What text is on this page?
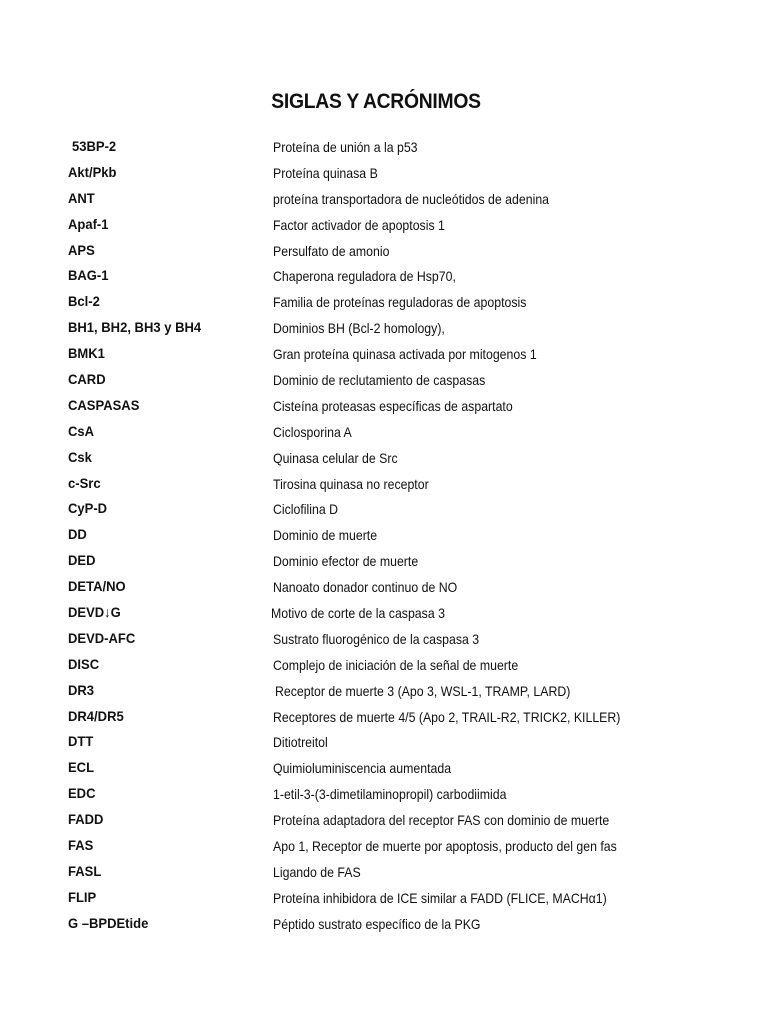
SIGLAS Y ACRÓNIMOS
53BP-2	Proteína de unión a la p53
Akt/Pkb	Proteína quinasa B
ANT	proteína transportadora de nucleótidos de adenina
Apaf-1	Factor activador de apoptosis 1
APS	Persulfato de amonio
BAG-1	Chaperona reguladora de Hsp70,
Bcl-2	Familia de proteínas reguladoras de apoptosis
BH1, BH2, BH3 y BH4	Dominios BH (Bcl-2 homology),
BMK1	Gran proteína quinasa activada por mitogenos 1
CARD	Dominio de reclutamiento de caspasas
CASPASAS	Cisteína proteasas específicas de aspartato
CsA	Ciclosporina A
Csk	Quinasa celular de Src
c-Src	Tirosina quinasa no receptor
CyP-D	Ciclofilina D
DD	Dominio de muerte
DED	Dominio efector de muerte
DETA/NO	Nanoato donador continuo de NO
DEVD↓G	Motivo de corte de la caspasa 3
DEVD-AFC	Sustrato fluorogénico de la caspasa 3
DISC	Complejo de iniciación de la señal de muerte
DR3	Receptor de muerte 3 (Apo 3, WSL-1, TRAMP, LARD)
DR4/DR5	Receptores de muerte 4/5 (Apo 2, TRAIL-R2, TRICK2, KILLER)
DTT	Ditiotreitol
ECL	Quimioluminiscencia aumentada
EDC	1-etil-3-(3-dimetilaminopropil) carbodiimida
FADD	Proteína adaptadora del receptor FAS con dominio de muerte
FAS	Apo 1, Receptor de muerte por apoptosis, producto del gen fas
FASL	Ligando de FAS
FLIP	Proteína inhibidora de ICE similar a FADD (FLICE, MACHα1)
G –BPDEtide	Péptido sustrato específico de la PKG
